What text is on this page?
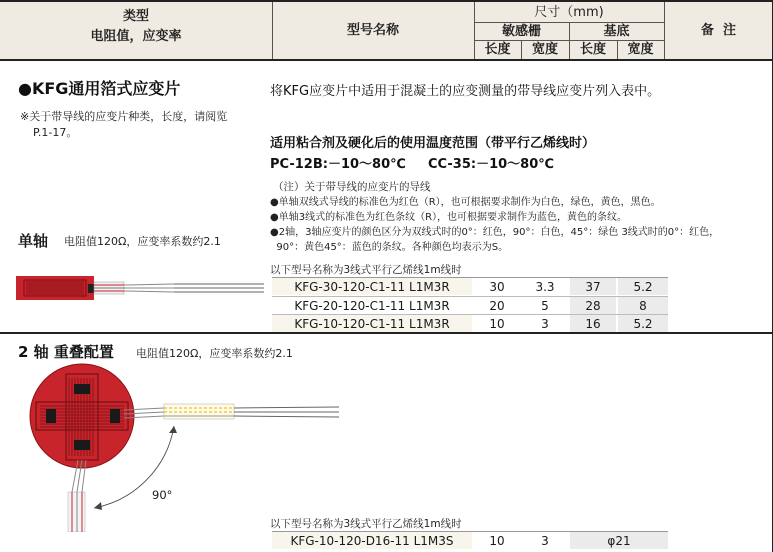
类型
电阻值，应变率	型号名称
尺寸（mm)
敏感栅	基底
长度	宽度	长度	宽度
备  注
●KFG通用箔式应变片
※关于带导线的应变片种类，长度，请阅览
P.1-17。
将KFG应变片中适用于混凝土的应变测量的带导线应变片列入表中。
适用粘合剂及硬化后的使用温度范围（带平行乙烯线时）
PC-12B:－10～80℃ CC-35:－10～80℃
（注）关于带导线的应变片的导线
●单轴双线式导线的标准色为红色（R），也可根据要求制作为白色，绿色，黄色，黑色。
●单轴3线式的标准色为红色条纹（R），也可根据要求制作为蓝色，黄色的条纹。
●2轴，3轴应变片的颜色区分为双线式时的0°：红色，90°：白色，45°：绿色 3线式时的0°：红色，
90°：黄色45°：蓝色的条纹。各种颜色均表示为S。
单轴 电阻值120Ω，应变率系数约2.1
以下型号名称为3线式平行乙烯线1m线时
KFG-30-120-C1-11 L1M3R	30	3.3	37	5.2
KFG-20-120-C1-11 L1M3R	20	5	28	8
KFG-10-120-C1-11 L1M3R	10	3	16	5.2
2 轴 重叠配置 电阻值120Ω，应变率系数约2.1
90°
以下型号名称为3线式平行乙烯线1m线时
KFG-10-120-D16-11 L1M3S	10	3	φ21
